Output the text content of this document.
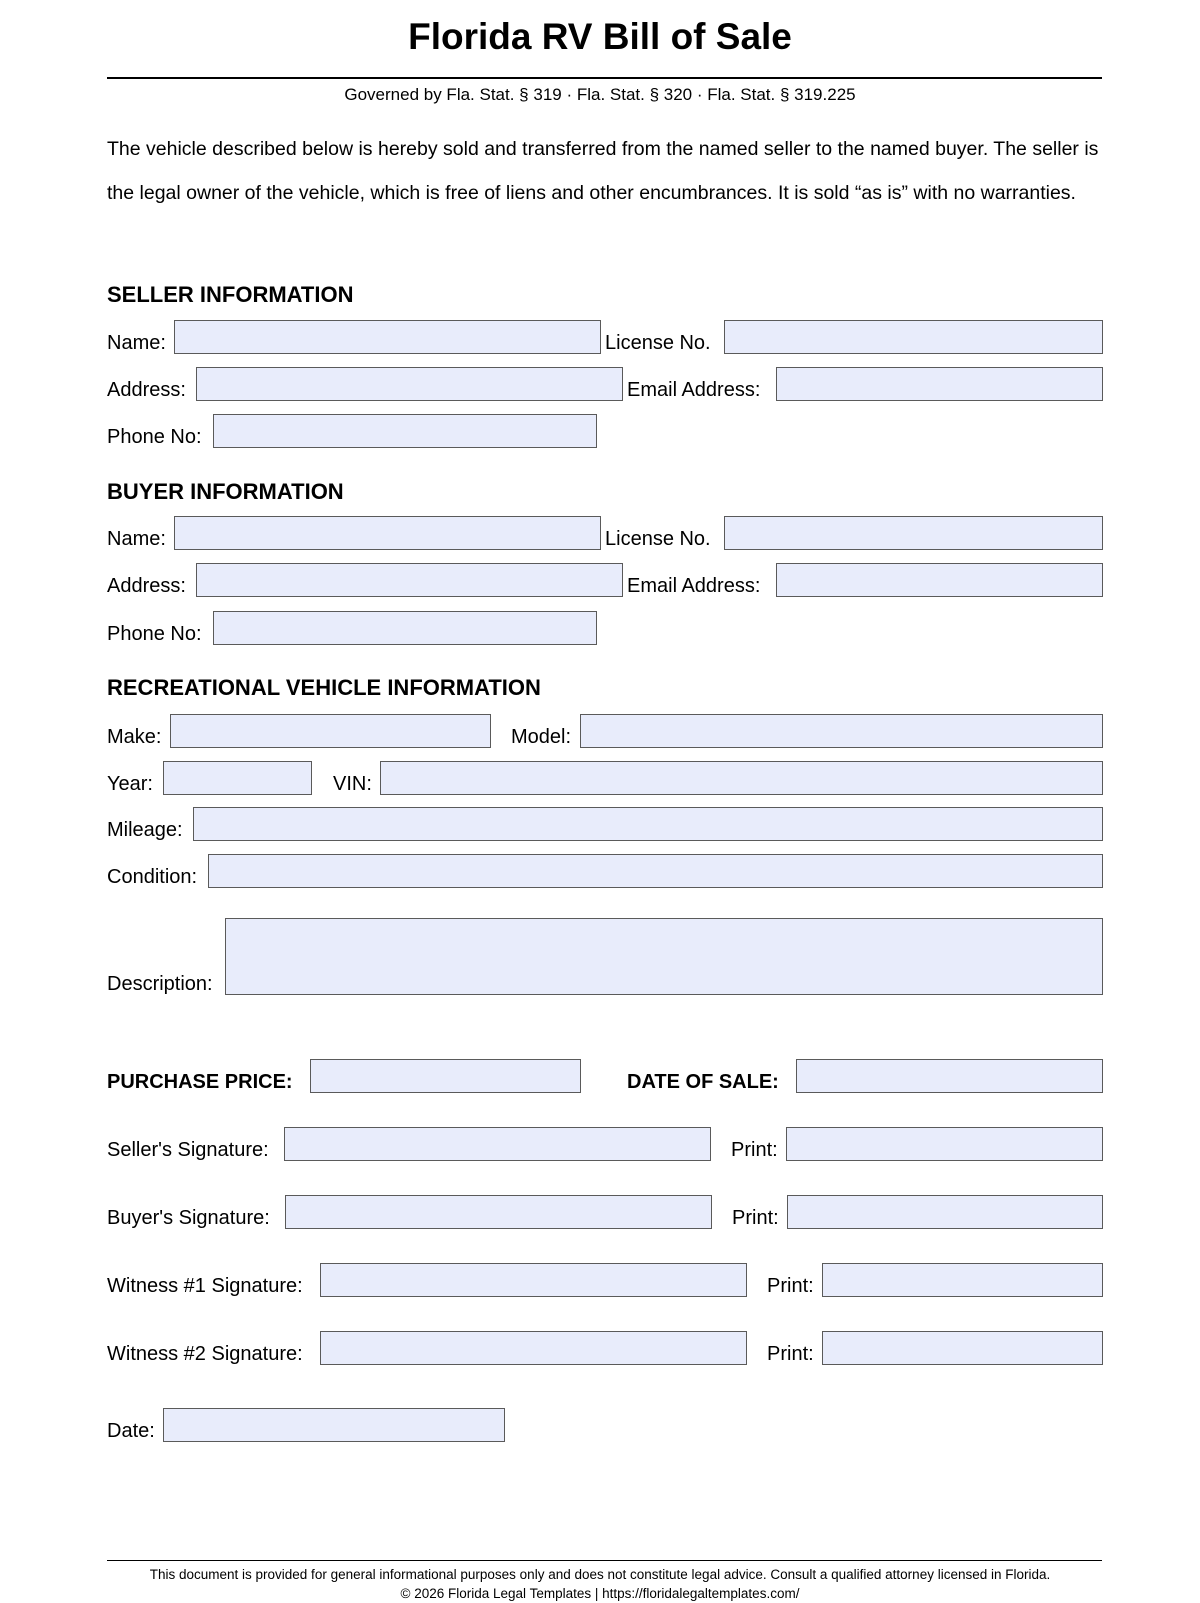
Florida RV Bill of Sale
Governed by Fla. Stat. § 319 · Fla. Stat. § 320 · Fla. Stat. § 319.225
The vehicle described below is hereby sold and transferred from the named seller to the named buyer. The seller is the legal owner of the vehicle, which is free of liens and other encumbrances. It is sold “as is” with no warranties.
SELLER INFORMATION
Name:	License No.
Address:	Email Address:
Phone No:
BUYER INFORMATION
Name:	License No.
Address:	Email Address:
Phone No:
RECREATIONAL VEHICLE INFORMATION
Make:	Model:
Year:	VIN:
Mileage:
Condition:
Description:
PURCHASE PRICE:	DATE OF SALE:
Seller's Signature:	Print:
Buyer's Signature:	Print:
Witness #1 Signature:	Print:
Witness #2 Signature:	Print:
Date:
This document is provided for general informational purposes only and does not constitute legal advice. Consult a qualified attorney licensed in Florida.
© 2026 Florida Legal Templates | https://floridalegaltemplates.com/
